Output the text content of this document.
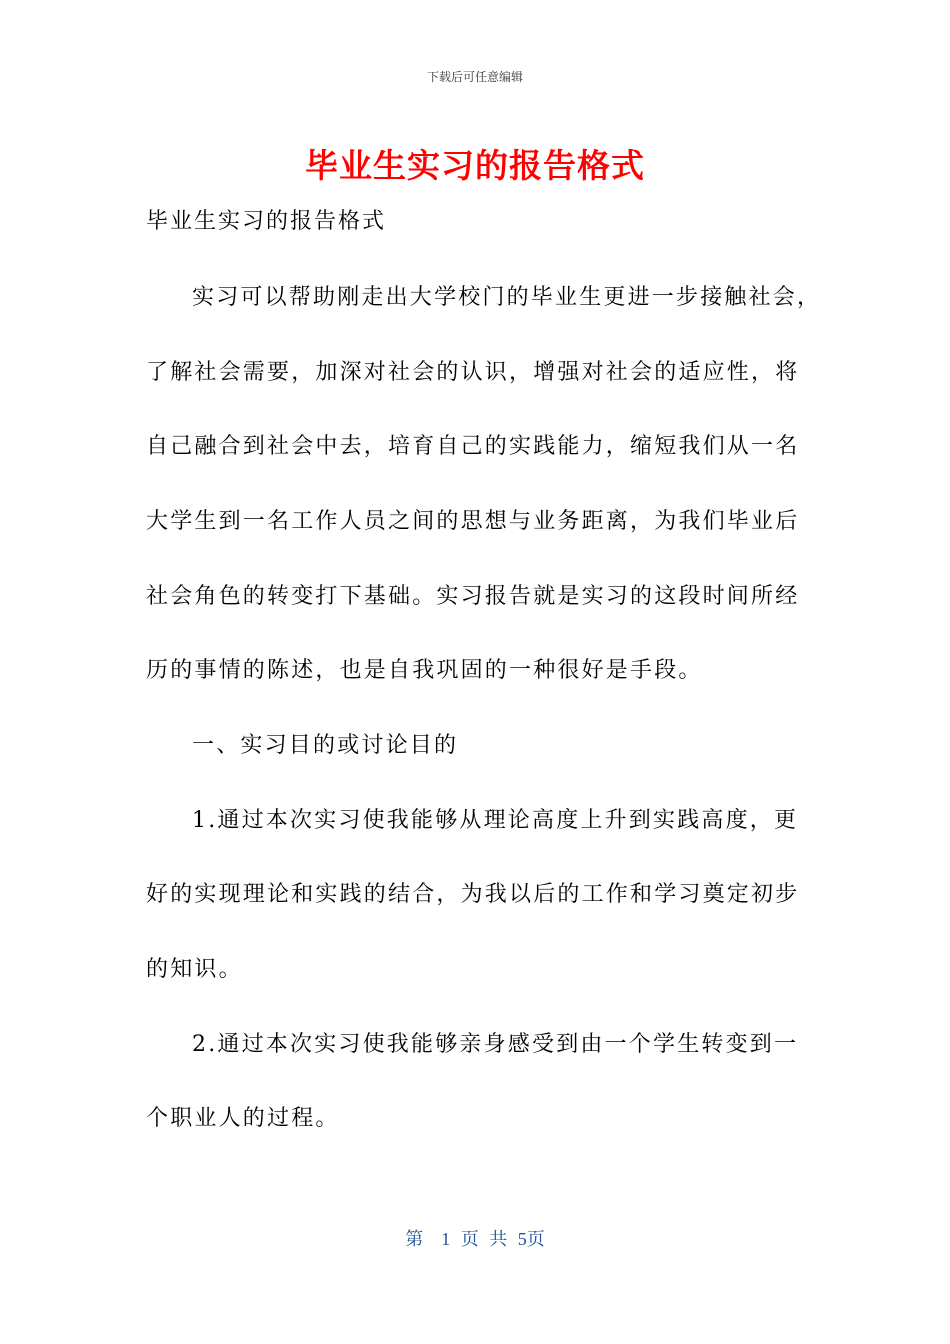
下载后可任意编辑
毕业生实习的报告格式

毕业生实习的报告格式

实习可以帮助刚走出大学校门的毕业生更进一步接触社会，

了解社会需要，加深对社会的认识，增强对社会的适应性，将

自己融合到社会中去，培育自己的实践能力，缩短我们从一名

大学生到一名工作人员之间的思想与业务距离，为我们毕业后

社会角色的转变打下基础。实习报告就是实习的这段时间所经

历的事情的陈述，也是自我巩固的一种很好是手段。

一、实习目的或讨论目的

1.通过本次实习使我能够从理论高度上升到实践高度，更

好的实现理论和实践的结合，为我以后的工作和学习奠定初步

的知识。

2.通过本次实习使我能够亲身感受到由一个学生转变到一

个职业人的过程。

第　1 页 共 5页
